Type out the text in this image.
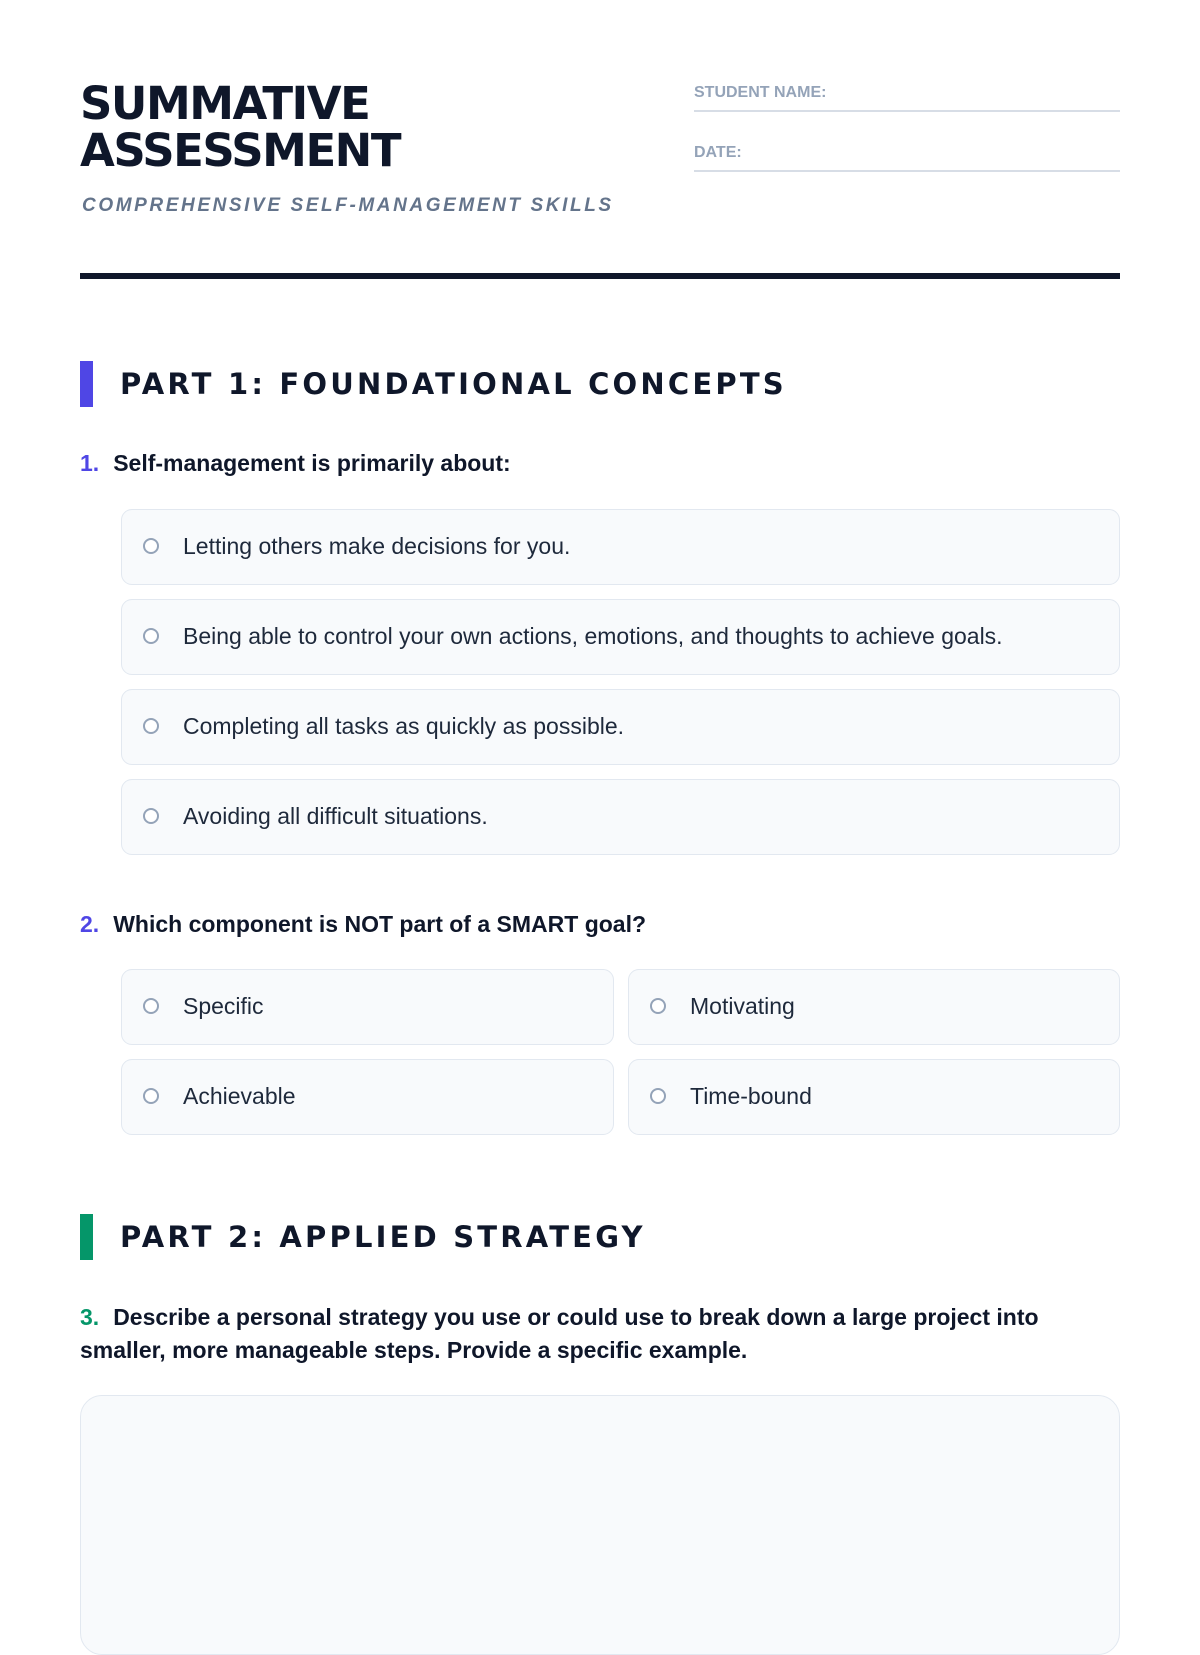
SUMMATIVE
ASSESSMENT

COMPREHENSIVE SELF-MANAGEMENT SKILLS

STUDENT NAME:
DATE:
PART 1: FOUNDATIONAL CONCEPTS
1. Self-management is primarily about:
Letting others make decisions for you.
Being able to control your own actions, emotions, and thoughts to achieve goals.
Completing all tasks as quickly as possible.
Avoiding all difficult situations.
2. Which component is NOT part of a SMART goal?
Specific	Motivating
Achievable	Time-bound
PART 2: APPLIED STRATEGY
3. Describe a personal strategy you use or could use to break down a large project into smaller, more manageable steps. Provide a specific example.
